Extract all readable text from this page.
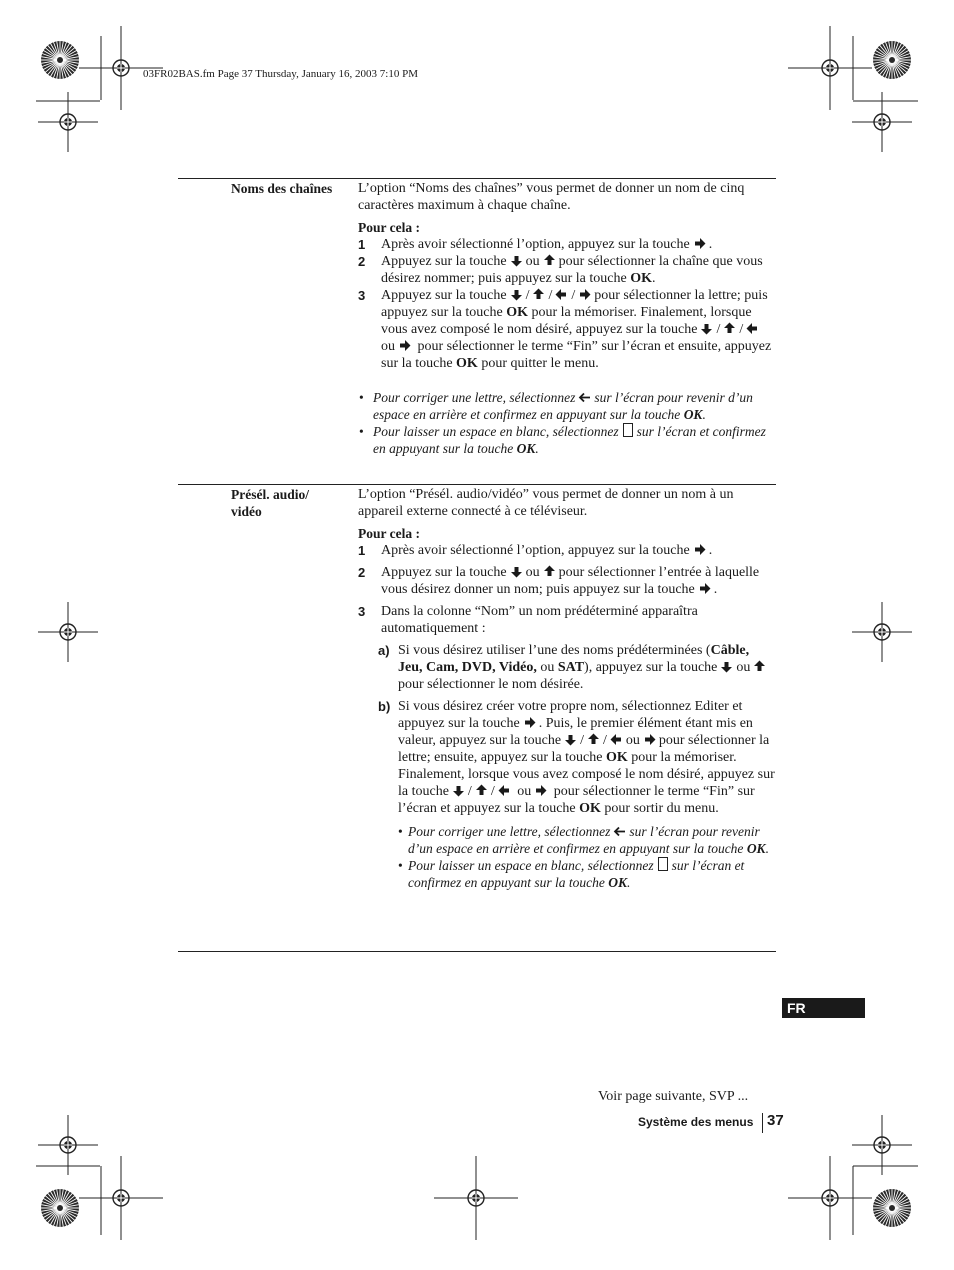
03FR02BAS.fm Page 37 Thursday, January 16, 2003 7:10 PM
Noms des chaînes	L’option “Noms des chaînes” vous permet de donner un nom de cinq caractères maximum à chaque chaîne.

Pour cela :

1 Après avoir sélectionné l’option, appuyez sur la touche .
2 Appuyez sur la touche ou pour sélectionner la chaîne que vous désirez nommer; puis appuyez sur la touche OK.
3 Appuyez sur la touche / / / pour sélectionner la lettre; puis appuyez sur la touche OK pour la mémoriser. Finalement, lorsque vous avez composé le nom désiré, appuyez sur la touche / /
ou pour sélectionner le terme “Fin” sur l’écran et ensuite, appuyez sur la touche OK pour quitter le menu.
• Pour corriger une lettre, sélectionnez sur l’écran pour revenir d’un espace en arrière et confirmez en appuyant sur la touche OK.
• Pour laisser un espace en blanc, sélectionnez sur l’écran et confirmez en appuyant sur la touche OK.
Présél. audio/ vidéo

L’option “Présél. audio/vidéo” vous permet de donner un nom à un appareil externe connecté à ce téléviseur.

Pour cela :

1 Après avoir sélectionné l’option, appuyez sur la touche .
2 Appuyez sur la touche ou pour sélectionner l’entrée à laquelle vous désirez donner un nom; puis appuyez sur la touche .
3 Dans la colonne “Nom” un nom prédéterminé apparaîtra automatiquement :
a) Si vous désirez utiliser l’une des noms prédéterminées (Câble, Jeu, Cam, DVD, Vidéo, ou SAT), appuyez sur la touche ou
pour sélectionner le nom désirée.
b) Si vous désirez créer votre propre nom, sélectionnez Editer et appuyez sur la touche . Puis, le premier élément étant mis en valeur, appuyez sur la touche / / ou pour sélectionner la lettre; ensuite, appuyez sur la touche OK pour la mémoriser. Finalement, lorsque vous avez composé le nom désiré, appuyez sur la touche / / ou pour sélectionner le terme “Fin” sur l’écran et appuyez sur la touche OK pour sortir du menu.
• Pour corriger une lettre, sélectionnez sur l’écran pour revenir d’un espace en arrière et confirmez en appuyant sur la touche OK.
• Pour laisser un espace en blanc, sélectionnez sur l’écran et confirmez en appuyant sur la touche OK.
FR
Voir page suivante, SVP ...
Système des menus 37
